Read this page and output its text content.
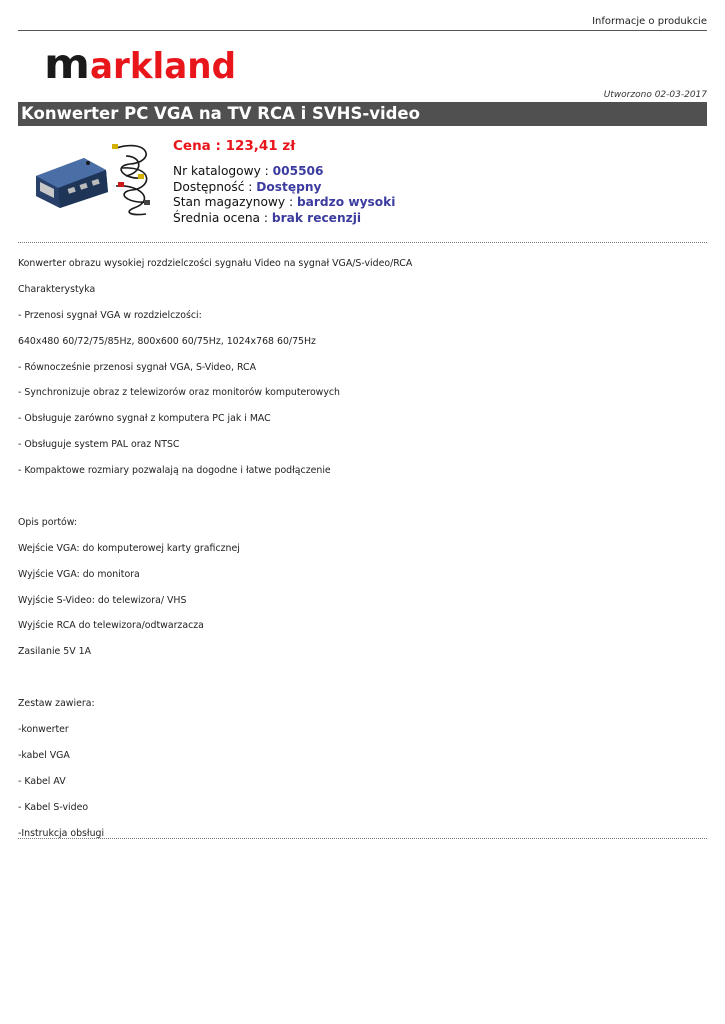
Informacje o produkcie
m arkland
Utworzono 02-03-2017
Konwerter PC VGA na TV RCA i SVHS-video
Cena : 123,41 zł
Nr katalogowy : 005506
Dostępność : Dostępny
Stan magazynowy : bardzo wysoki
Średnia ocena : brak recenzji

Konwerter obrazu wysokiej rozdzielczości sygnału Video na sygnał VGA/S-video/RCA

Charakterystyka

- Przenosi sygnał VGA w rozdzielczości:

640x480 60/72/75/85Hz, 800x600 60/75Hz, 1024x768 60/75Hz

- Równocześnie przenosi sygnał VGA, S-Video, RCA

- Synchronizuje obraz z telewizorów oraz monitorów komputerowych

- Obsługuje zarówno sygnał z komputera PC jak i MAC

- Obsługuje system PAL oraz NTSC

- Kompaktowe rozmiary pozwalają na dogodne i łatwe podłączenie

Opis portów:

Wejście VGA: do komputerowej karty graficznej

Wyjście VGA: do monitora

Wyjście S-Video: do telewizora/ VHS

Wyjście RCA do telewizora/odtwarzacza

Zasilanie 5V 1A

Zestaw zawiera:

-konwerter

-kabel VGA

- Kabel AV

- Kabel S-video

-Instrukcja obsługi
